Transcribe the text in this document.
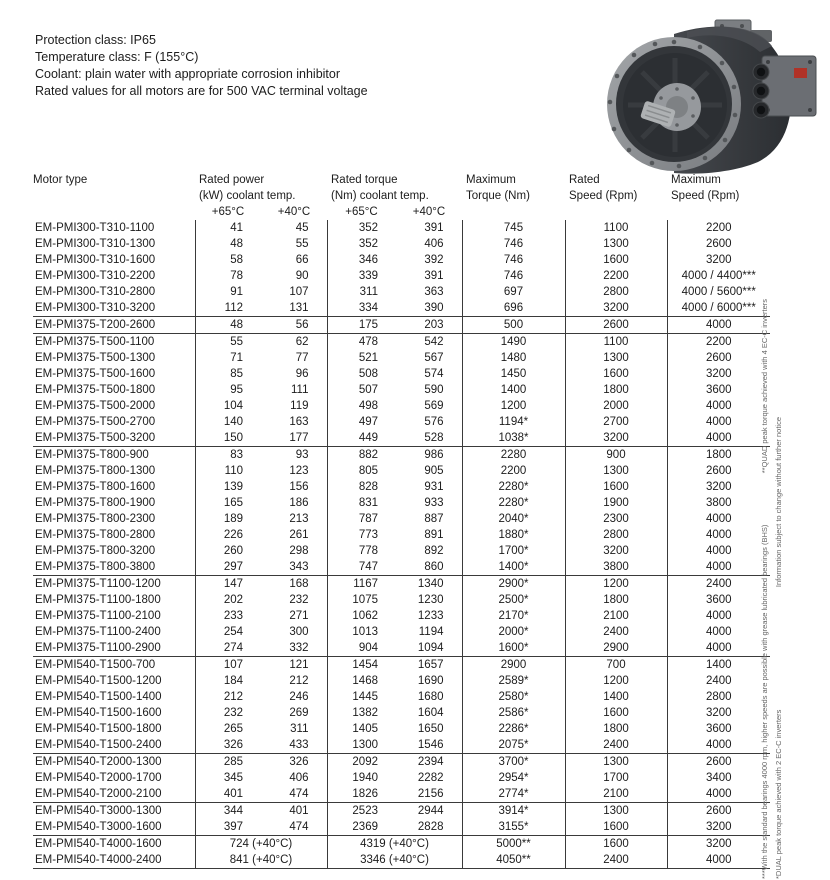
Protection class: IP65
Temperature class: F (155°C)
Coolant: plain water with appropriate corrosion inhibitor
Rated values for all motors are for 500 VAC terminal voltage
Motor type	Rated power		Rated torque		Maximum	Rated	Maximum
	(kW) coolant temp.		(Nm) coolant temp.		Torque (Nm)	Speed (Rpm)	Speed (Rpm)
	+65°C	+40°C	+65°C	+40°C			
EM-PMI300-T310-1100	41	45	352	391	745	1100	2200
EM-PMI300-T310-1300	48	55	352	406	746	1300	2600
EM-PMI300-T310-1600	58	66	346	392	746	1600	3200
EM-PMI300-T310-2200	78	90	339	391	746	2200	4000 / 4400***
EM-PMI300-T310-2800	91	107	311	363	697	2800	4000 / 5600***
EM-PMI300-T310-3200	112	131	334	390	696	3200	4000 / 6000***
EM-PMI375-T200-2600	48	56	175	203	500	2600	4000
EM-PMI375-T500-1100	55	62	478	542	1490	1100	2200
EM-PMI375-T500-1300	71	77	521	567	1480	1300	2600
EM-PMI375-T500-1600	85	96	508	574	1450	1600	3200
EM-PMI375-T500-1800	95	111	507	590	1400	1800	3600
EM-PMI375-T500-2000	104	119	498	569	1200	2000	4000
EM-PMI375-T500-2700	140	163	497	576	1194*	2700	4000
EM-PMI375-T500-3200	150	177	449	528	1038*	3200	4000
EM-PMI375-T800-900	83	93	882	986	2280	900	1800
EM-PMI375-T800-1300	110	123	805	905	2200	1300	2600
EM-PMI375-T800-1600	139	156	828	931	2280*	1600	3200
EM-PMI375-T800-1900	165	186	831	933	2280*	1900	3800
EM-PMI375-T800-2300	189	213	787	887	2040*	2300	4000
EM-PMI375-T800-2800	226	261	773	891	1880*	2800	4000
EM-PMI375-T800-3200	260	298	778	892	1700*	3200	4000
EM-PMI375-T800-3800	297	343	747	860	1400*	3800	4000
EM-PMI375-T1100-1200	147	168	1167	1340	2900*	1200	2400
EM-PMI375-T1100-1800	202	232	1075	1230	2500*	1800	3600
EM-PMI375-T1100-2100	233	271	1062	1233	2170*	2100	4000
EM-PMI375-T1100-2400	254	300	1013	1194	2000*	2400	4000
EM-PMI375-T1100-2900	274	332	904	1094	1600*	2900	4000
EM-PMI540-T1500-700	107	121	1454	1657	2900	700	1400
EM-PMI540-T1500-1200	184	212	1468	1690	2589*	1200	2400
EM-PMI540-T1500-1400	212	246	1445	1680	2580*	1400	2800
EM-PMI540-T1500-1600	232	269	1382	1604	2586*	1600	3200
EM-PMI540-T1500-1800	265	311	1405	1650	2286*	1800	3600
EM-PMI540-T1500-2400	326	433	1300	1546	2075*	2400	4000
EM-PMI540-T2000-1300	285	326	2092	2394	3700*	1300	2600
EM-PMI540-T2000-1700	345	406	1940	2282	2954*	1700	3400
EM-PMI540-T2000-2100	401	474	1826	2156	2774*	2100	4000
EM-PMI540-T3000-1300	344	401	2523	2944	3914*	1300	2600
EM-PMI540-T3000-1600	397	474	2369	2828	3155*	1600	3200
EM-PMI540-T4000-1600	724 (+40°C)		4319 (+40°C)		5000**	1600	3200
EM-PMI540-T4000-2400	841 (+40°C)		3346 (+40°C)		4050**	2400	4000	***With the standard bearings 4000 rpm, higher speeds are possible with grease lubricated bearings (BHS)
**QUAD peak torque achieved with 4 EC-C inverters
*DUAL peak torque achieved with 2 EC-C inverters
Information subject to change without further notice
